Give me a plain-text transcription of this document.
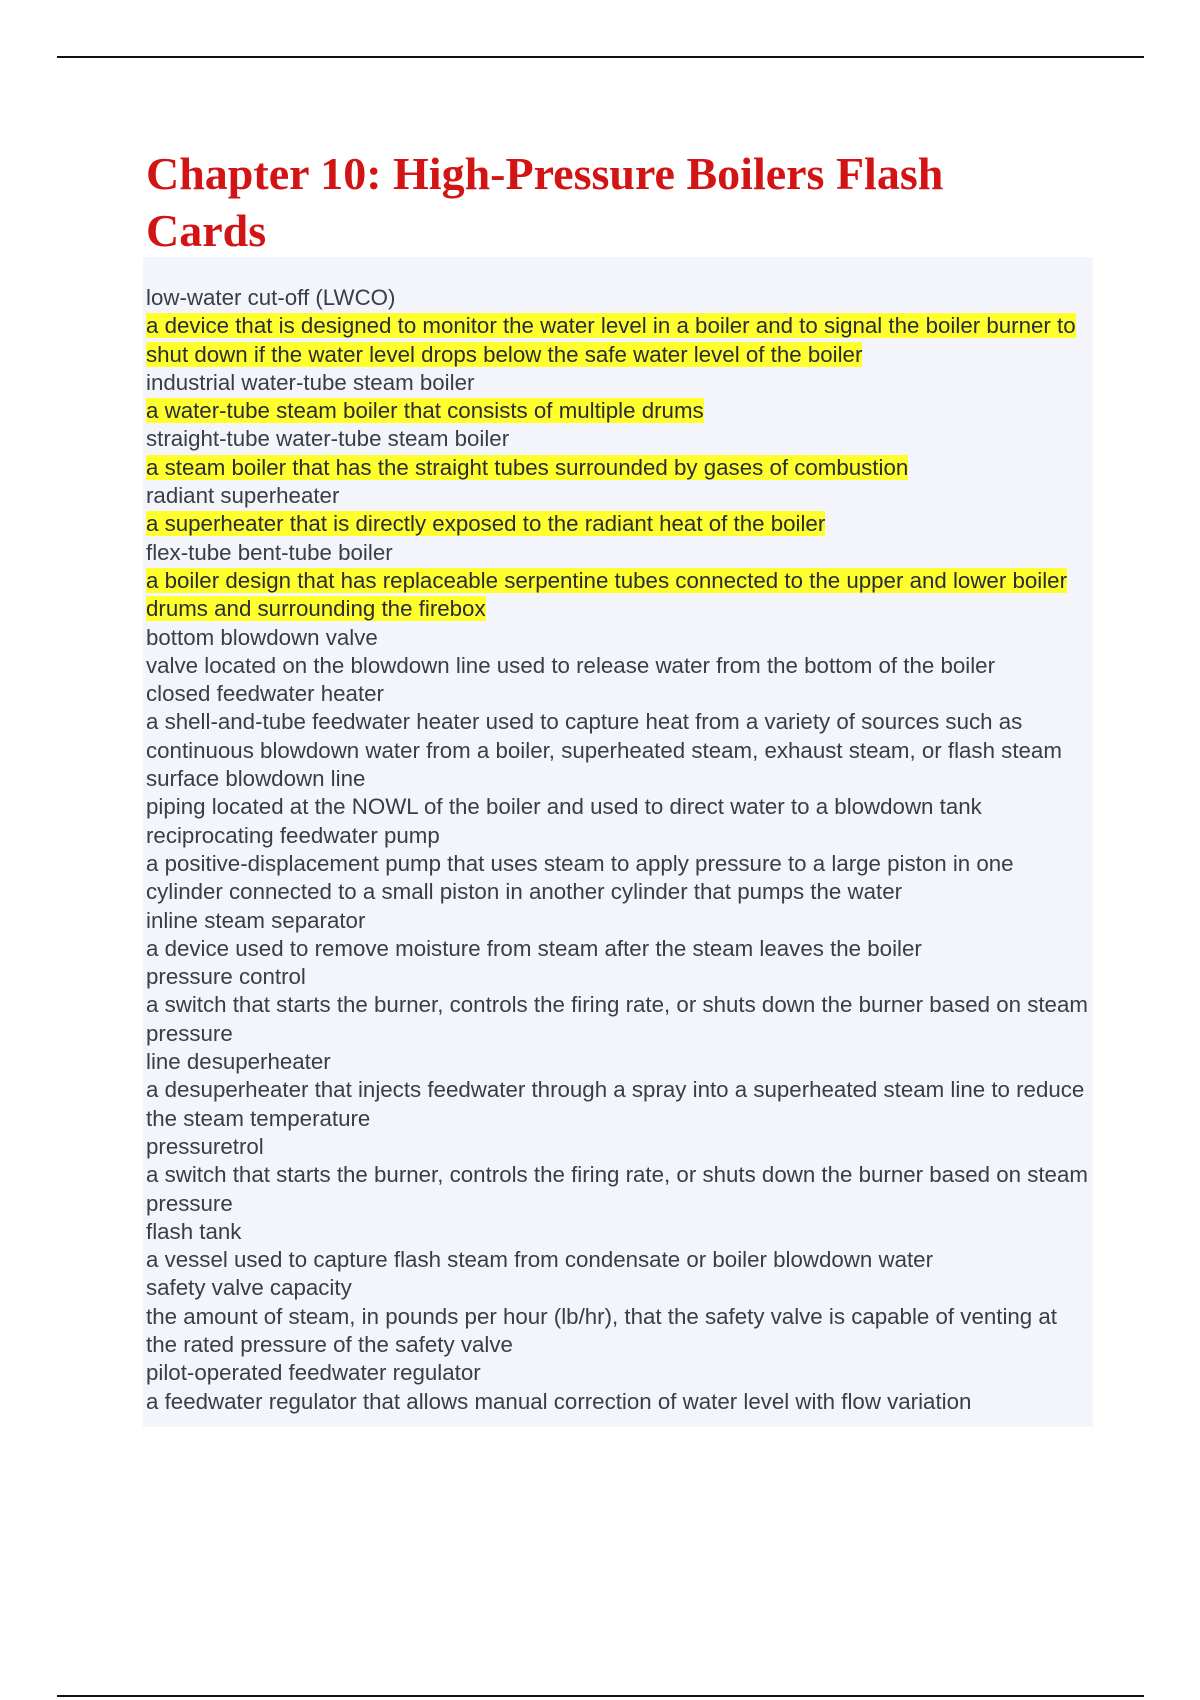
Chapter 10: High-Pressure Boilers Flash Cards

low-water cut-off (LWCO)

a device that is designed to monitor the water level in a boiler and to signal the boiler burner to shut down if the water level drops below the safe water level of the boiler

industrial water-tube steam boiler

a water-tube steam boiler that consists of multiple drums

straight-tube water-tube steam boiler

a steam boiler that has the straight tubes surrounded by gases of combustion

radiant superheater

a superheater that is directly exposed to the radiant heat of the boiler

flex-tube bent-tube boiler

a boiler design that has replaceable serpentine tubes connected to the upper and lower boiler drums and surrounding the firebox

bottom blowdown valve

valve located on the blowdown line used to release water from the bottom of the boiler

closed feedwater heater

a shell-and-tube feedwater heater used to capture heat from a variety of sources such as continuous blowdown water from a boiler, superheated steam, exhaust steam, or flash steam

surface blowdown line

piping located at the NOWL of the boiler and used to direct water to a blowdown tank

reciprocating feedwater pump

a positive-displacement pump that uses steam to apply pressure to a large piston in one cylinder connected to a small piston in another cylinder that pumps the water

inline steam separator

a device used to remove moisture from steam after the steam leaves the boiler

pressure control

a switch that starts the burner, controls the firing rate, or shuts down the burner based on steam pressure

line desuperheater

a desuperheater that injects feedwater through a spray into a superheated steam line to reduce the steam temperature

pressuretrol

a switch that starts the burner, controls the firing rate, or shuts down the burner based on steam pressure

flash tank

a vessel used to capture flash steam from condensate or boiler blowdown water

safety valve capacity

the amount of steam, in pounds per hour (lb/hr), that the safety valve is capable of venting at the rated pressure of the safety valve

pilot-operated feedwater regulator

a feedwater regulator that allows manual correction of water level with flow variation
